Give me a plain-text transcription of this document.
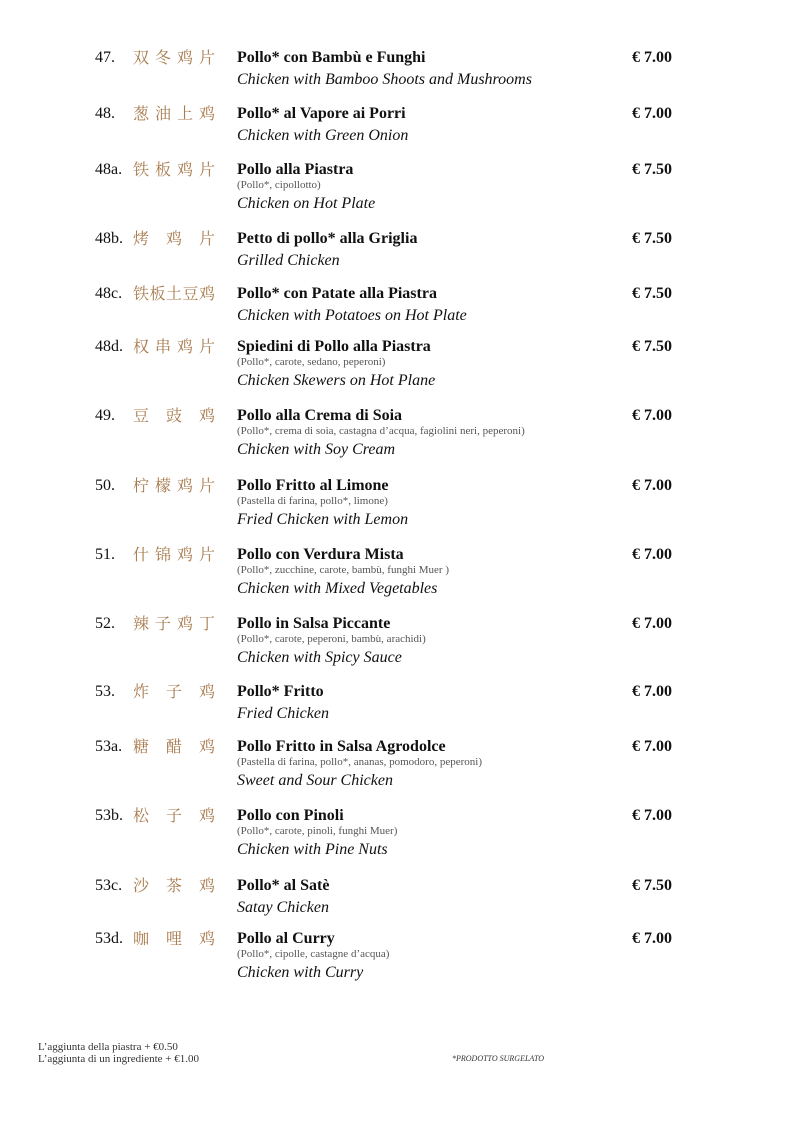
47. 双 冬 鸡 片 Pollo* con Bambù e Funghi
Chicken with Bamboo Shoots and Mushrooms
€ 7.00
48. 葱 油 上 鸡 Pollo* al Vapore ai Porri
Chicken with Green Onion
€ 7.00
48a. 铁 板 鸡 片 Pollo alla Piastra
(Pollo*, cipollotto)
Chicken on Hot Plate
€ 7.50
48b. 烤 鸡 片 Petto di pollo* alla Griglia
Grilled Chicken
€ 7.50
48c. 铁 板 土 豆 鸡 Pollo* con Patate alla Piastra
Chicken with Potatoes on Hot Plate
€ 7.50
48d. 权 串 鸡 片 Spiedini di Pollo alla Piastra
(Pollo*, carote, sedano, peperoni)
Chicken Skewers on Hot Plane
€ 7.50
49. 豆 豉 鸡 Pollo alla Crema di Soia
(Pollo*, crema di soia, castagna d’acqua, fagiolini neri, peperoni)
Chicken with Soy Cream
€ 7.00
50. 柠 檬 鸡 片 Pollo Fritto al Limone
(Pastella di farina, pollo*, limone)
Fried Chicken with Lemon
€ 7.00
51. 什 锦 鸡 片 Pollo con Verdura Mista
(Pollo*, zucchine, carote, bambù, funghi Muer )
Chicken with Mixed Vegetables
€ 7.00
52. 辣 子 鸡 丁 Pollo in Salsa Piccante
(Pollo*, carote, peperoni, bambù, arachidi)
Chicken with Spicy Sauce
€ 7.00
53. 炸 子 鸡 Pollo* Fritto
Fried Chicken
€ 7.00
53a. 糖 醋 鸡 Pollo Fritto in Salsa Agrodolce
(Pastella di farina, pollo*, ananas, pomodoro, peperoni)
Sweet and Sour Chicken
€ 7.00
53b. 松 子 鸡 Pollo con Pinoli
(Pollo*, carote, pinoli, funghi Muer)
Chicken with Pine Nuts
€ 7.00
53c. 沙 茶 鸡 Pollo* al Satè
Satay Chicken
€ 7.50
53d. 咖 哩 鸡 Pollo al Curry
(Pollo*, cipolle, castagne d’acqua)
Chicken with Curry
€ 7.00
L’aggiunta della piastra + €0.50
L’aggiunta di un ingrediente + €1.00	*PRODOTTO SURGELATO
